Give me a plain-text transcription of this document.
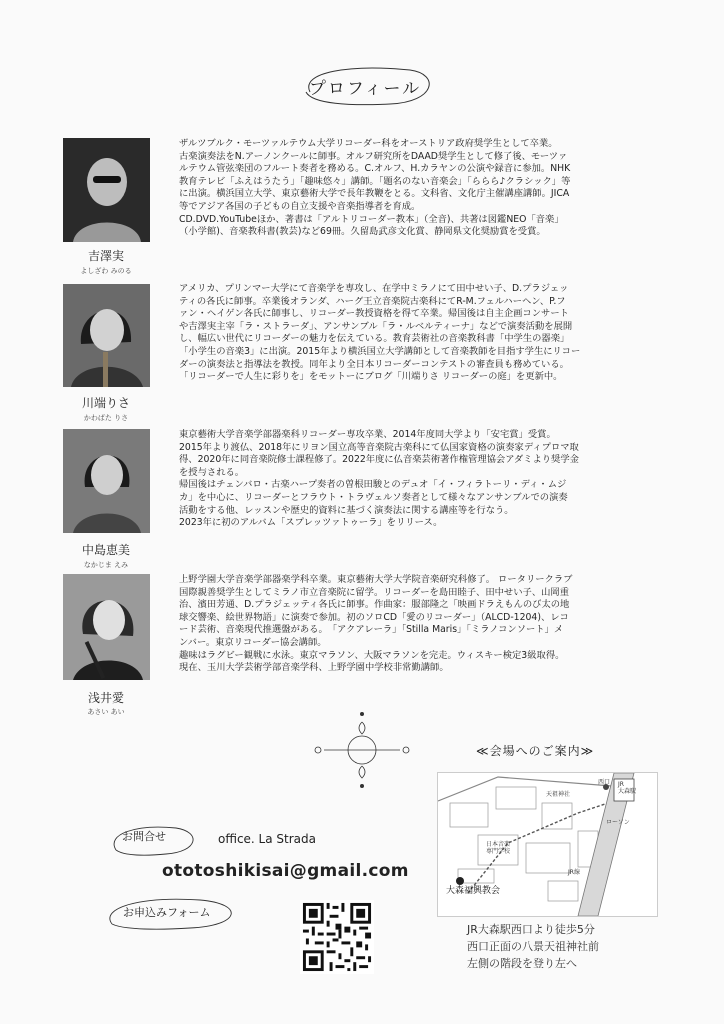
プロフィール
吉澤実
よしざわ みのる
ザルツブルク・モーツァルテウム大学リコーダー科をオーストリア政府奨学生として卒業。
古楽演奏法をN.アーノンクールに師事。オルフ研究所をDAAD奨学生として修了後、モーツァ
ルテウム管弦楽団のフルート奏者を務める。C.オルフ、H.カラヤンの公演や録音に参加。NHK
教育テレビ「ふえはうたう」「趣味悠々」講師。「題名のない音楽会」「ららら♪クラシック」等
に出演。横浜国立大学、東京藝術大学で長年教鞭をとる。文科省、文化庁主催講座講師。JICA
等でアジア各国の子どもの自立支援や音楽指導者を育成。
CD.DVD.YouTubeほか、著書は「アルトリコーダー教本」（全音)、共著は図鑑NEO「音楽」
（小学館)、音楽教科書(教芸)など69冊。久留島武彦文化賞、静岡県文化奨励賞を受賞。
川端りさ
かわばた りさ
アメリカ、プリンマー大学にて音楽学を専攻し、在学中ミラノにて田中せい子、D.プラジェッ
ティの各氏に師事。卒業後オランダ、ハーグ王立音楽院古楽科にてR-M.フェルハーヘン、P.フ
ァン・ヘイゲン各氏に師事し、リコーダー教授資格を得て卒業。帰国後は自主企画コンサート
や吉澤実主宰「ラ・ストラーダ」、アンサンブル「ラ・ルベルティーナ」などで演奏活動を展開
し、幅広い世代にリコーダーの魅力を伝えている。教育芸術社の音楽教科書「中学生の器楽」
「小学生の音楽3」に出演。2015年より横浜国立大学講師として音楽教師を目指す学生にリコー
ダーの演奏法と指導法を教授。同年より全日本リコーダーコンテストの審査員も務めている。
「リコーダーで人生に彩りを」をモットーにブログ「川端りさ リコーダーの庭」を更新中。
中島恵美
なかじま えみ
東京藝術大学音楽学部器楽科リコーダー専攻卒業、2014年度同大学より「安宅賞」受賞。
2015年より渡仏、2018年にリヨン国立高等音楽院古楽科にて仏国家資格の演奏家ディプロマ取
得、2020年に同音楽院修士課程修了。2022年度に仏音楽芸術著作権管理協会アダミより奨学金
を授与される。
帰国後はチェンバロ・古楽ハープ奏者の曽根田駿とのデュオ「イ・フィラトーリ・ディ・ムジ
カ」を中心に、リコーダーとフラウト・トラヴェルソ奏者として様々なアンサンブルでの演奏
活動をする他、レッスンや歴史的資料に基づく演奏法に関する講座等を行なう。
2023年に初のアルバム「スプレッツァトゥーラ」をリリース。
浅井愛
あさい あい
上野学園大学音楽学部器楽学科卒業。東京藝術大学大学院音楽研究科修了。 ロータリークラブ
国際親善奨学生としてミラノ市立音楽院に留学。リコーダーを島田睦子、田中せい子、山岡重
治、濱田芳通、D.プラジェッティ各氏に師事。作曲家：服部隆之「映画ドラえもんのび太の地
球交響楽、絵世界物語」に演奏で参加。初のソロCD「愛のリコーダー」（ALCD-1204)、レコ
ード芸術、音楽現代推選盤がある。　「アクアレーラ」「Stilla Maris」「ミラノコンソート」メ
ンバー。東京リコーダー協会講師。
趣味はラグビー観戦に水泳。東京マラソン、大阪マラソンを完走。ウィスキー検定3級取得。
現在、玉川大学芸術学部音楽学科、上野学園中学校非常勤講師。
お問合せ	office. La Strada
ototoshikisai@gmail.com
お申込みフォーム
≪会場へのご案内≫
JR
大森駅
西口
天祖神社
ローソン
日本音楽
専門学校
JR線
大森福興教会
JR大森駅西口より徒歩5分
西口正面の八景天祖神社前
左側の階段を登り左へ
